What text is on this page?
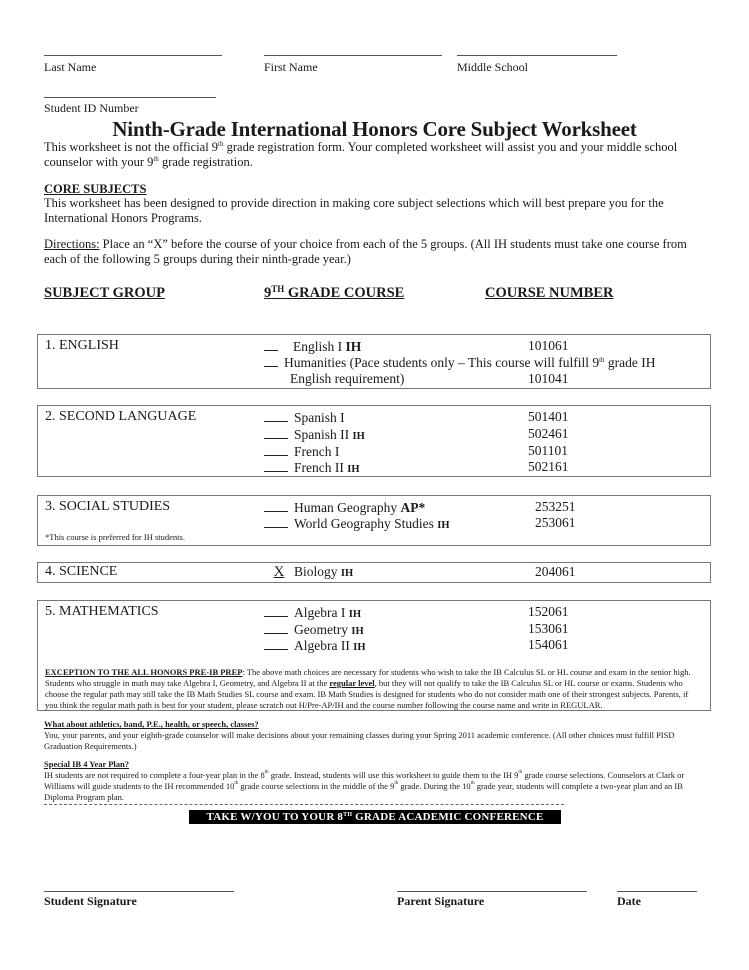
Last Name	First Name	Middle School
Student ID Number
Ninth-Grade International Honors Core Subject Worksheet
This worksheet is not the official 9th grade registration form. Your completed worksheet will assist you and your middle school
counselor with your 9th grade registration.
CORE SUBJECTS
This worksheet has been designed to provide direction in making core subject selections which will best prepare you for the International Honors Programs.
Directions: Place an “X” before the course of your choice from each of the 5 groups. (All IH students must take one course from each of the following 5 groups during their ninth-grade year.)
SUBJECT GROUP	9TH GRADE COURSE	COURSE NUMBER
1. ENGLISH	English I IH	101061
Humanities (Pace students only – This course will fulfill 9th grade IH
English requirement)	101041
2. SECOND LANGUAGE	Spanish I	501401
Spanish II IH	502461
French I	501101
French II IH	502161
3. SOCIAL STUDIES
*This course is preferred for IH students.
Human Geography AP*	253251
World Geography Studies IH	253061
4. SCIENCE	X Biology IH	204061
5. MATHEMATICS	Algebra I IH	152061
Geometry IH	153061
Algebra II IH	154061
EXCEPTION TO THE ALL HONORS PRE-IB PREP: The above math choices are necessary for students who wish to take the IB Calculus SL or HL course and exam in the senior high. Students who struggle in math may take Algebra I, Geometry, and Algebra II at the regular level, but they will not qualify to take the IB Calculus SL or HL course or exams. Students who choose the regular path may still take the IB Math Studies SL course and exam. IB Math Studies is designed for students who do not consider math one of their strongest subjects. Parents, if you think the regular math path is best for your student, please scratch out H/Pre-AP/IH and the course number following the course name and write in REGULAR.
What about athletics, band, P.E., health, or speech, classes?
You, your parents, and your eighth-grade counselor will make decisions about your remaining classes during your Spring 2011 academic conference. (All other choices must fulfill PISD Graduation Requirements.)
Special IB 4 Year Plan?
IH students are not required to complete a four-year plan in the 8th grade. Instead, students will use this worksheet to guide them to the IH 9th grade course selections. Counselors at Clark or Williams will guide students to the IH recommended 10th grade course selections in the middle of the 9th grade. During the 10th grade year, students will complete a two-year plan and an IB Diploma Program plan.
TAKE W/YOU TO YOUR 8TH GRADE ACADEMIC CONFERENCE
Student Signature	Parent Signature	Date
